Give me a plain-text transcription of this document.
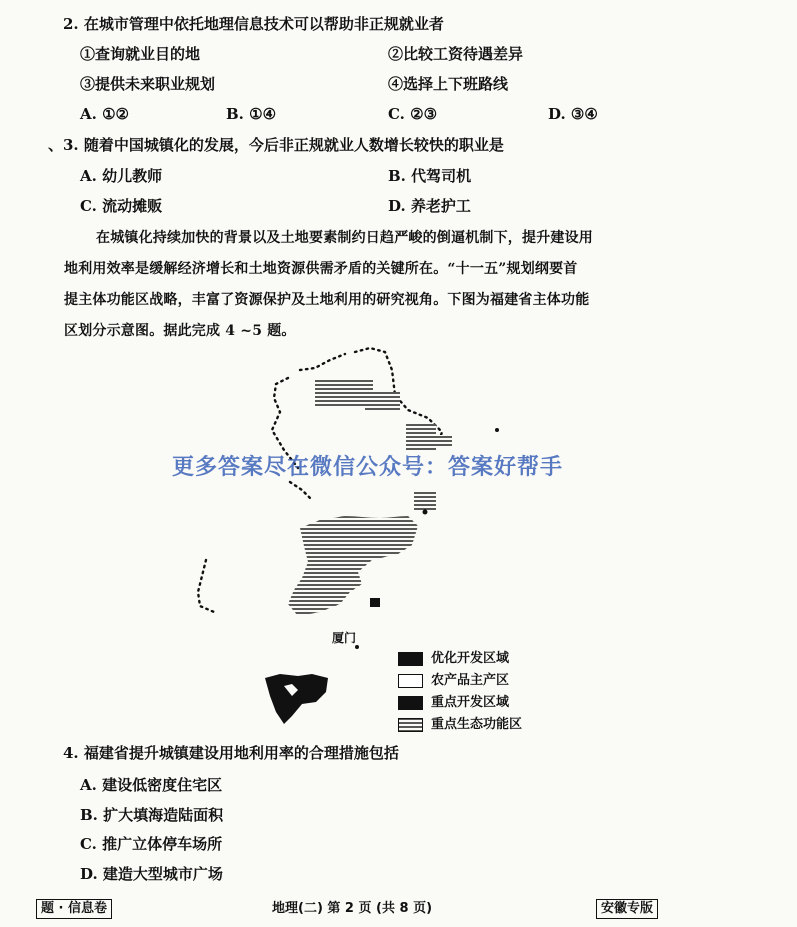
2. 在城市管理中依托地理信息技术可以帮助非正规就业者
①查询就业目的地	②比较工资待遇差异
③提供未来职业规划	④选择上下班路线
A. ①②	B. ①④	C. ②③	D. ③④
、3. 随着中国城镇化的发展，今后非正规就业人数增长较快的职业是
A. 幼儿教师	B. 代驾司机
C. 流动摊贩	D. 养老护工
在城镇化持续加快的背景以及土地要素制约日趋严峻的倒逼机制下，提升建设用
地利用效率是缓解经济增长和土地资源供需矛盾的关键所在。“十一五”规划纲要首
提主体功能区战略，丰富了资源保护及土地利用的研究视角。下图为福建省主体功能
区划分示意图。据此完成 4 ~5 题。
厦门
优化开发区域
农产品主产区
重点开发区域
重点生态功能区
更多答案尽在微信公众号：答案好帮手
4. 福建省提升城镇建设用地利用率的合理措施包括
A. 建设低密度住宅区
B. 扩大填海造陆面积
C. 推广立体停车场所
D. 建造大型城市广场
题 · 信息卷	地理(二) 第 2 页 (共 8 页)	安徽专版
